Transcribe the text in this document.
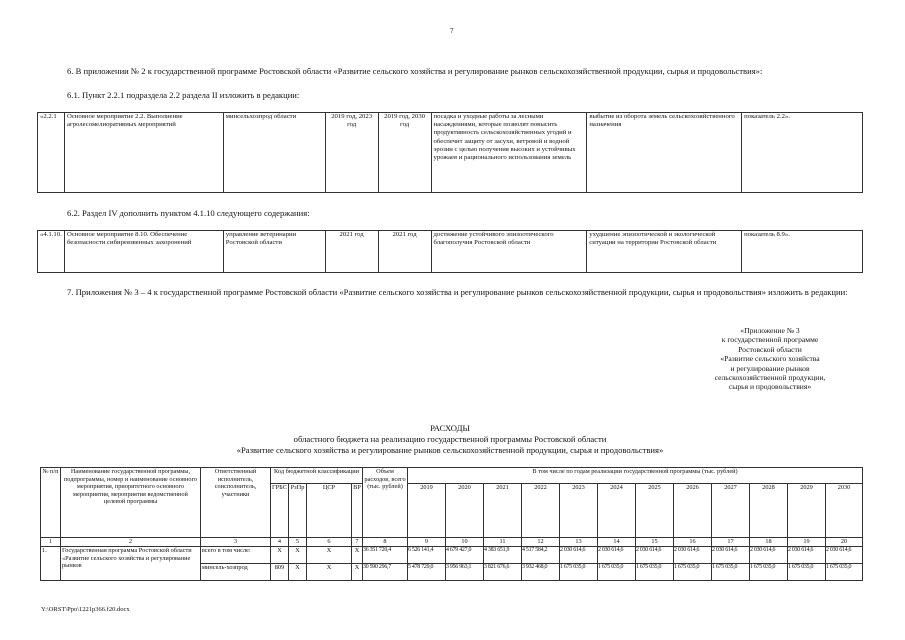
7
6. В приложении № 2 к государственной программе Ростовской области «Развитие сельского хозяйства и регулирование рынков сельскохозяйственной продукции, сырья и продовольствия»:
6.1. Пункт 2.2.1 подраздела 2.2 раздела II изложить в редакции:
«2.2.1	Основное мероприятие 2.2. Выполнение агролесомелиоративных мероприятий	минсельхозпрод области	2019 год, 2023 год	2019 год, 2030 год	посадка и уходные работы за лесными насаждениями, которые позволят повысить продуктивность сельскохозяйственных угодий и обеспечит защиту от засухи, ветровой и водной эрозии с целью получения высоких и устойчивых урожаев и рационального использования земель	выбытие из оборота земель сельскохозяйственного назначения	показатель 2.2».
6.2. Раздел IV дополнить пунктом 4.1.10 следующего содержания:
«4.1.10.	Основное мероприятие 8.10. Обеспечение безопасности сибиреязвенных захоронений	управление ветеринарии Ростовской области	2021 год	2021 год	достижение устойчивого эпизоотического благополучия Ростовской области	ухудшение эпизоотической и экологической ситуации на территории Ростовской области	показатель 8.9».
7. Приложения № 3 – 4 к государственной программе Ростовской области «Развитие сельского хозяйства и регулирование рынков сельскохозяйственной продукции, сырья и продовольствия» изложить в редакции:
«Приложение № 3
к государственной программе
Ростовской области
«Развитие сельского хозяйства
и регулирование рынков
сельскохозяйственной продукции,
сырья и продовольствия»
РАСХОДЫ
областного бюджета на реализацию государственной программы Ростовской области
«Развитие сельского хозяйства и регулирование рынков сельскохозяйственной продукции, сырья и продовольствия»
№ п/п	Наименование государственной программы, подпрограммы, номер и наименование основного мероприятия, приоритетного основного мероприятия, мероприятия ведомственной целевой программы	Ответственный исполнитель, соисполнитель, участники	Код бюджетной классификации				Объем расходов, всего (тыс. рублей)	В том числе по годам реализации государственной программы (тыс. рублей)											
			ГРБС	РзПр	ЦСР	ВР		2019	2020	2021	2022	2023	2024	2025	2026	2027	2028	2029	2030
1	2	3	4	5	6	7	8	9	10	11	12	13	14	15	16	17	18	19	20
1.	Государственная программа Ростовской области «Развитие сельского хозяйства и регулирование рынков	всего в том числе:	X	X	X	X	36 351 720,4	6 526 141,4	4 679 427,0	4 383 651,9	4 517 584,2	2 030 614,6	2 030 614,6	2 030 614,6	2 030 614,6	2 030 614,6	2 030 614,6	2 030 614,6	2 030 614,6
		минсель-хозпрод	809	X	X	X	30 590 296,7	5 478 729,0	3 956 963,1	3 821 676,6	3 932 468,0	1 675 035,0	1 675 035,0	1 675 035,0	1 675 035,0	1 675 035,0	1 675 035,0	1 675 035,0	1 675 035,0
Y:\ORST\Ppo\1221p366.f20.docx
